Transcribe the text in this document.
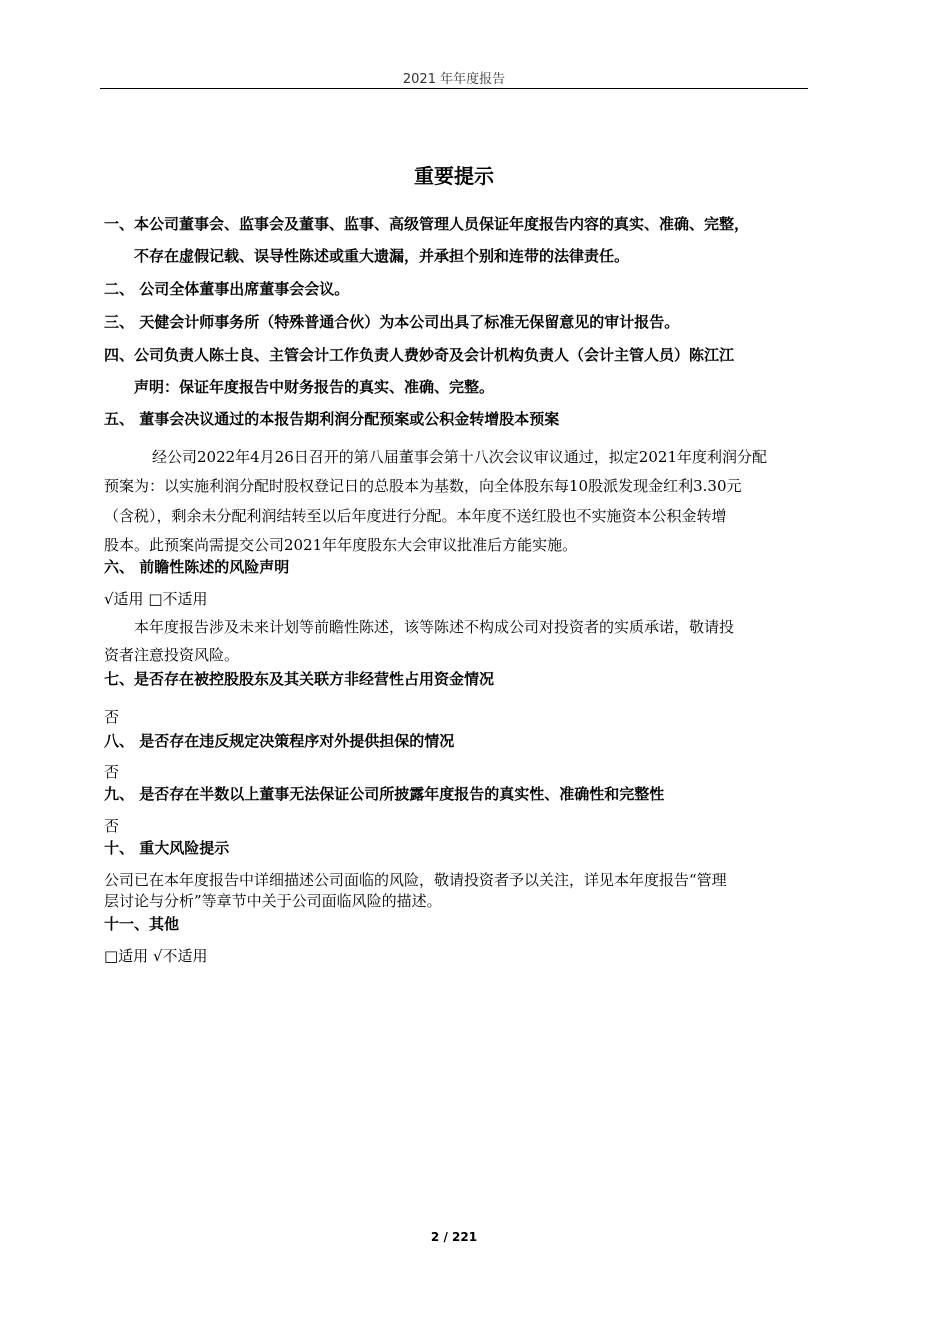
2021 年年度报告
重要提示
一、本公司董事会、监事会及董事、监事、高级管理人员保证年度报告内容的真实、准确、完整，
不存在虚假记载、误导性陈述或重大遗漏，并承担个别和连带的法律责任。
二、 公司全体董事出席董事会会议。
三、 天健会计师事务所（特殊普通合伙）为本公司出具了标准无保留意见的审计报告。
四、公司负责人陈士良、主管会计工作负责人费妙奇及会计机构负责人（会计主管人员）陈江江
声明：保证年度报告中财务报告的真实、准确、完整。
五、 董事会决议通过的本报告期利润分配预案或公积金转增股本预案
经公司2022年4月26日召开的第八届董事会第十八次会议审议通过，拟定2021年度利润分配
预案为：以实施利润分配时股权登记日的总股本为基数，向全体股东每10股派发现金红利3.30元
（含税），剩余未分配利润结转至以后年度进行分配。本年度不送红股也不实施资本公积金转增
股本。此预案尚需提交公司2021年年度股东大会审议批准后方能实施。
六、 前瞻性陈述的风险声明
√适用 □不适用
本年度报告涉及未来计划等前瞻性陈述，该等陈述不构成公司对投资者的实质承诺，敬请投
资者注意投资风险。
七、是否存在被控股股东及其关联方非经营性占用资金情况
否
八、 是否存在违反规定决策程序对外提供担保的情况
否
九、 是否存在半数以上董事无法保证公司所披露年度报告的真实性、准确性和完整性
否
十、 重大风险提示
公司已在本年度报告中详细描述公司面临的风险，敬请投资者予以关注，详见本年度报告“管理
层讨论与分析”等章节中关于公司面临风险的描述。
十一、其他
□适用 √不适用
2 / 221
